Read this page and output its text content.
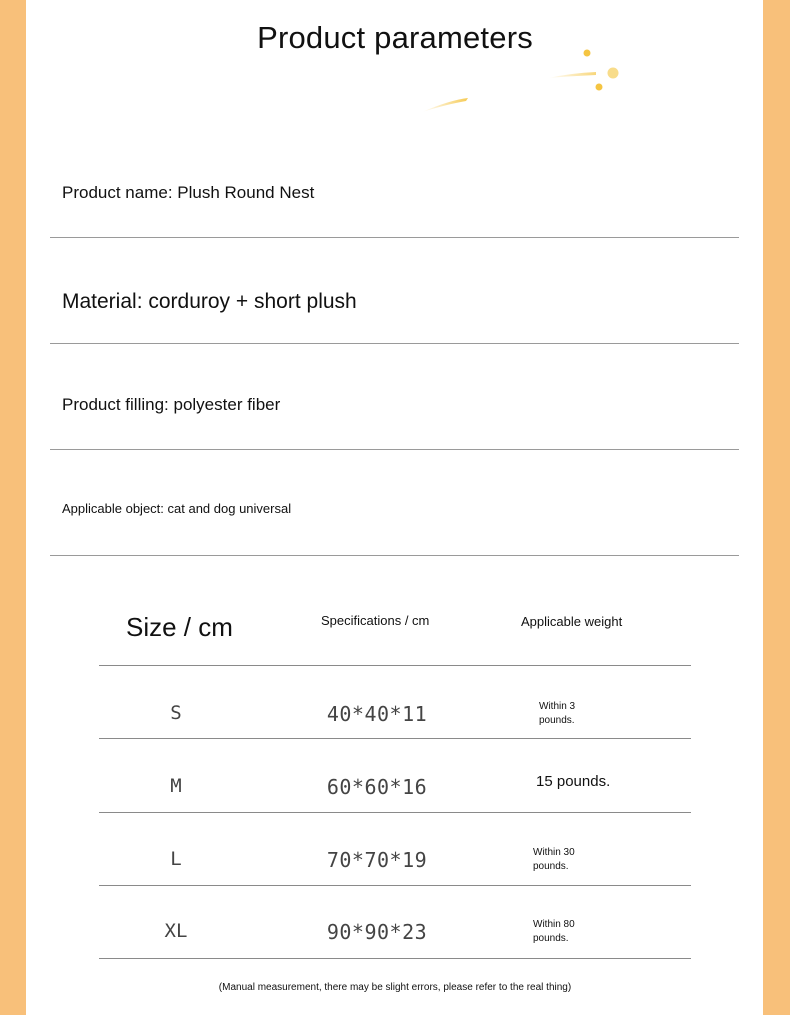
Product parameters
Product name: Plush Round Nest
Material: corduroy + short plush
Product filling: polyester fiber
Applicable object: cat and dog universal
Size / cm	Specifications / cm	Applicable weight
S	40*40*11	Within 3
pounds.
M	60*60*16	15 pounds.
L	70*70*19	Within 30
pounds.
XL	90*90*23	Within 80
pounds.
(Manual measurement, there may be slight errors, please refer to the real thing)
